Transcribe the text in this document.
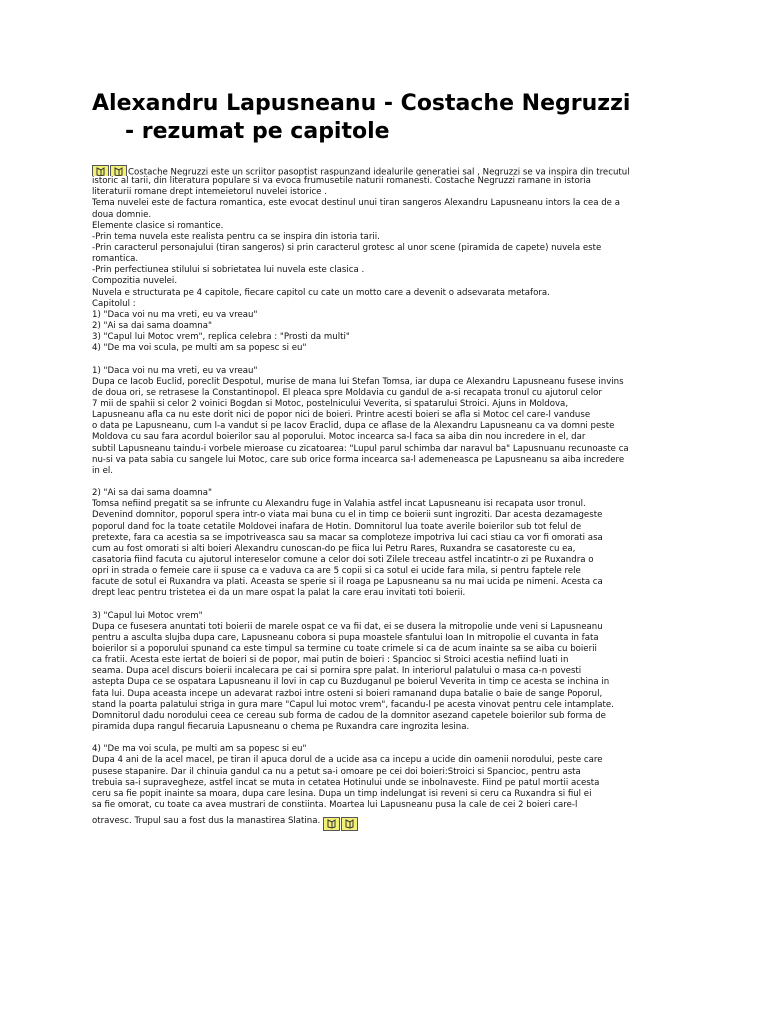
Alexandru Lapusneanu - Costache Negruzzi
- rezumat pe capitole
Costache Negruzzi este un scriitor pasoptist raspunzand idealurile generatiei sal , Negruzzi se va inspira din trecutul
istoric al tarii, din literatura populare si va evoca frumusetile naturii romanesti. Costache Negruzzi ramane in istoria
literaturii romane drept intemeietorul nuvelei istorice .
Tema nuvelei este de factura romantica, este evocat destinul unui tiran sangeros Alexandru Lapusneanu intors la cea de a
doua domnie.
Elemente clasice si romantice.
-Prin tema nuvela este realista pentru ca se inspira din istoria tarii.
-Prin caracterul personajului (tiran sangeros) si prin caracterul grotesc al unor scene (piramida de capete) nuvela este
romantica.
-Prin perfectiunea stilului si sobrietatea lui nuvela este clasica .
Compozitia nuvelei.
Nuvela e structurata pe 4 capitole, fiecare capitol cu cate un motto care a devenit o adsevarata metafora.
Capitolul :
1) "Daca voi nu ma vreti, eu va vreau"
2) "Ai sa dai sama doamna"
3) "Capul lui Motoc vrem", replica celebra : "Prosti da multi"
4) "De ma voi scula, pe multi am sa popesc si eu"
1) "Daca voi nu ma vreti, eu va vreau"
Dupa ce Iacob Euclid, poreclit Despotul, murise de mana lui Stefan Tomsa, iar dupa ce Alexandru Lapusneanu fusese invins
de doua ori, se retrasese la Constantinopol. El pleaca spre Moldavia cu gandul de a-si recapata tronul cu ajutorul celor
7 mii de spahii si celor 2 voinici Bogdan si Motoc, postelnicului Veverita, si spatarului Stroici. Ajuns in Moldova,
Lapusneanu afla ca nu este dorit nici de popor nici de boieri. Printre acesti boieri se afla si Motoc cel care-l vanduse
o data pe Lapusneanu, cum l-a vandut si pe Iacov Eraclid, dupa ce aflase de la Alexandru Lapusneanu ca va domni peste
Moldova cu sau fara acordul boierilor sau al poporului. Motoc incearca sa-l faca sa aiba din nou incredere in el, dar
subtil Lapusneanu taindu-i vorbele mieroase cu zicatoarea: "Lupul parul schimba dar naravul ba" Lapusnuanu recunoaste ca
nu-si va pata sabia cu sangele lui Motoc, care sub orice forma incearca sa-l ademeneasca pe Lapusneanu sa aiba incredere
in el.
2) "Ai sa dai sama doamna"
Tomsa nefiind pregatit sa se infrunte cu Alexandru fuge in Valahia astfel incat Lapusneanu isi recapata usor tronul.
Devenind domnitor, poporul spera intr-o viata mai buna cu el in timp ce boierii sunt ingroziti. Dar acesta dezamageste
poporul dand foc la toate cetatile Moldovei inafara de Hotin. Domnitorul lua toate averile boierilor sub tot felul de
pretexte, fara ca acestia sa se impotriveasca sau sa macar sa comploteze impotriva lui caci stiau ca vor fi omorati asa
cum au fost omorati si alti boieri Alexandru cunoscan-do pe fiica lui Petru Rares, Ruxandra se casatoreste cu ea,
casatoria fiind facuta cu ajutorul intereselor comune a celor doi soti Zilele treceau astfel incatintr-o zi pe Ruxandra o
opri in strada o femeie care ii spuse ca e vaduva ca are 5 copii si ca sotul ei ucide fara mila, si pentru faptele rele
facute de sotul ei Ruxandra va plati. Aceasta se sperie si il roaga pe Lapusneanu sa nu mai ucida pe nimeni. Acesta ca
drept leac pentru tristetea ei da un mare ospat la palat la care erau invitati toti boierii.
3) "Capul lui Motoc vrem"
Dupa ce fusesera anuntati toti boierii de marele ospat ce va fii dat, ei se dusera la mitropolie unde veni si Lapusneanu
pentru a asculta slujba dupa care, Lapusneanu cobora si pupa moastele sfantului Ioan In mitropolie el cuvanta in fata
boierilor si a poporului spunand ca este timpul sa termine cu toate crimele si ca de acum inainte sa se aiba cu boierii
ca fratii. Acesta este iertat de boieri si de popor, mai putin de boieri : Spancioc si Stroici acestia nefiind luati in
seama. Dupa acel discurs boierii incalecara pe cai si pornira spre palat. In interiorul palatului o masa ca-n povesti
astepta Dupa ce se ospatara Lapusneanu il lovi in cap cu Buzduganul pe boierul Veverita in timp ce acesta se inchina in
fata lui. Dupa aceasta incepe un adevarat razboi intre osteni si boieri ramanand dupa batalie o baie de sange Poporul,
stand la poarta palatului striga in gura mare "Capul lui motoc vrem", facandu-l pe acesta vinovat pentru cele intamplate.
Domnitorul dadu norodului ceea ce cereau sub forma de cadou de la domnitor asezand capetele boierilor sub forma de
piramida dupa rangul fiecaruia Lapusneanu o chema pe Ruxandra care ingrozita lesina.
4) "De ma voi scula, pe multi am sa popesc si eu"
Dupa 4 ani de la acel macel, pe tiran il apuca dorul de a ucide asa ca incepu a ucide din oamenii norodului, peste care
pusese stapanire. Dar il chinuia gandul ca nu a petut sa-i omoare pe cei doi boieri:Stroici si Spancioc, pentru asta
trebuia sa-i supravegheze, astfel incat se muta in cetatea Hotinului unde se inbolnaveste. Fiind pe patul mortii acesta
ceru sa fie popit inainte sa moara, dupa care lesina. Dupa un timp indelungat isi reveni si ceru ca Ruxandra si fiul ei
sa fie omorat, cu toate ca avea mustrari de constiinta. Moartea lui Lapusneanu pusa la cale de cei 2 boieri care-l
otravesc. Trupul sau a fost dus la manastirea Slatina.
